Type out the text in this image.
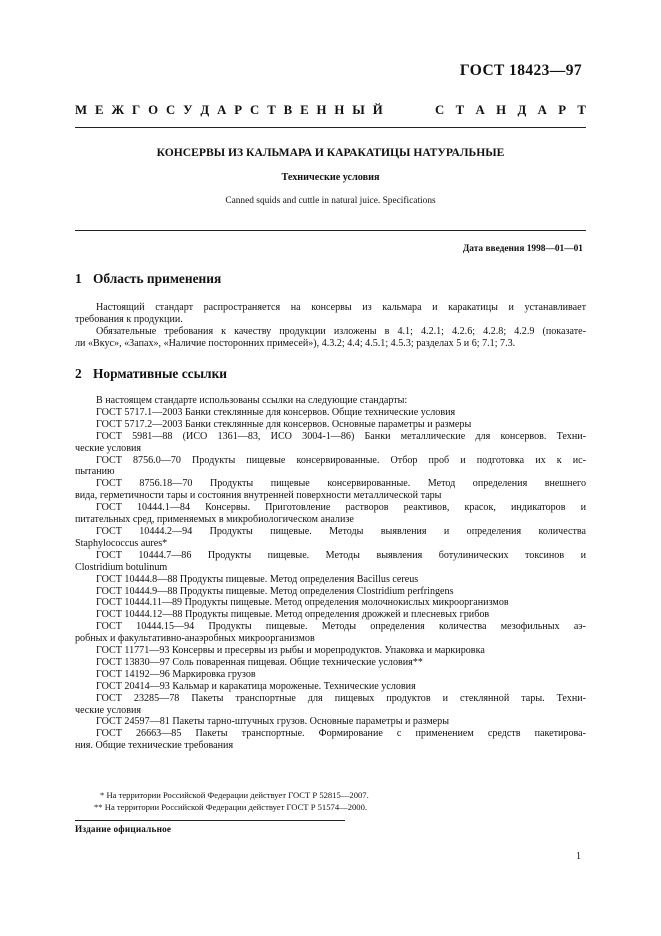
ГОСТ 18423—97
М Е Ж Г О С У Д А Р С Т В Е Н Н Ы Й	С Т А Н Д А Р Т
КОНСЕРВЫ ИЗ КАЛЬМАРА И КАРАКАТИЦЫ НАТУРАЛЬНЫЕ
Технические условия
Canned squids and cuttle in natural juice. Specifications
Дата введения 1998—01—01
1 Область применения
Настоящий стандарт распространяется на консервы из кальмара и каракатицы и устанавливает
требования к продукции.
Обязательные требования к качеству продукции изложены в 4.1; 4.2.1; 4.2.6; 4.2.8; 4.2.9 (показате-
ли «Вкус», «Запах», «Наличие посторонних примесей»), 4.3.2; 4.4; 4.5.1; 4.5.3; разделах 5 и 6; 7.1; 7.3.
2 Нормативные ссылки
В настоящем стандарте использованы ссылки на следующие стандарты:
ГОСТ 5717.1—2003 Банки стеклянные для консервов. Общие технические условия
ГОСТ 5717.2—2003 Банки стеклянные для консервов. Основные параметры и размеры
ГОСТ 5981—88 (ИСО 1361—83, ИСО 3004-1—86) Банки металлические для консервов. Техни-
ческие условия
ГОСТ 8756.0—70 Продукты пищевые консервированные. Отбор проб и подготовка их к ис-
пытанию
ГОСТ 8756.18—70 Продукты пищевые консервированные. Метод определения внешнего
вида, герметичности тары и состояния внутренней поверхности металлической тары
ГОСТ 10444.1—84 Консервы. Приготовление растворов реактивов, красок, индикаторов и
питательных сред, применяемых в микробиологическом анализе
ГОСТ 10444.2—94 Продукты пищевые. Методы выявления и определения количества
Staphylococcus aures*
ГОСТ 10444.7—86 Продукты пищевые. Методы выявления ботулинических токсинов и
Clostridium botulinum
ГОСТ 10444.8—88 Продукты пищевые. Метод определения Bacillus cereus
ГОСТ 10444.9—88 Продукты пищевые. Метод определения Clostridium perfringens
ГОСТ 10444.11—89 Продукты пищевые. Метод определения молочнокислых микроорганизмов
ГОСТ 10444.12—88 Продукты пищевые. Метод определения дрожжей и плесневых грибов
ГОСТ 10444.15—94 Продукты пищевые. Методы определения количества мезофильных аэ-
робных и факультативно-анаэробных микроорганизмов
ГОСТ 11771—93 Консервы и пресервы из рыбы и морепродуктов. Упаковка и маркировка
ГОСТ 13830—97 Соль поваренная пищевая. Общие технические условия**
ГОСТ 14192—96 Маркировка грузов
ГОСТ 20414—93 Кальмар и каракатица мороженые. Технические условия
ГОСТ 23285—78 Пакеты транспортные для пищевых продуктов и стеклянной тары. Техни-
ческие условия
ГОСТ 24597—81 Пакеты тарно-штучных грузов. Основные параметры и размеры
ГОСТ 26663—85 Пакеты транспортные. Формирование с применением средств пакетирова-
ния. Общие технические требования
* На территории Российской Федерации действует ГОСТ Р 52815—2007.
** На территории Российской Федерации действует ГОСТ Р 51574—2000.
Издание официальное
1
